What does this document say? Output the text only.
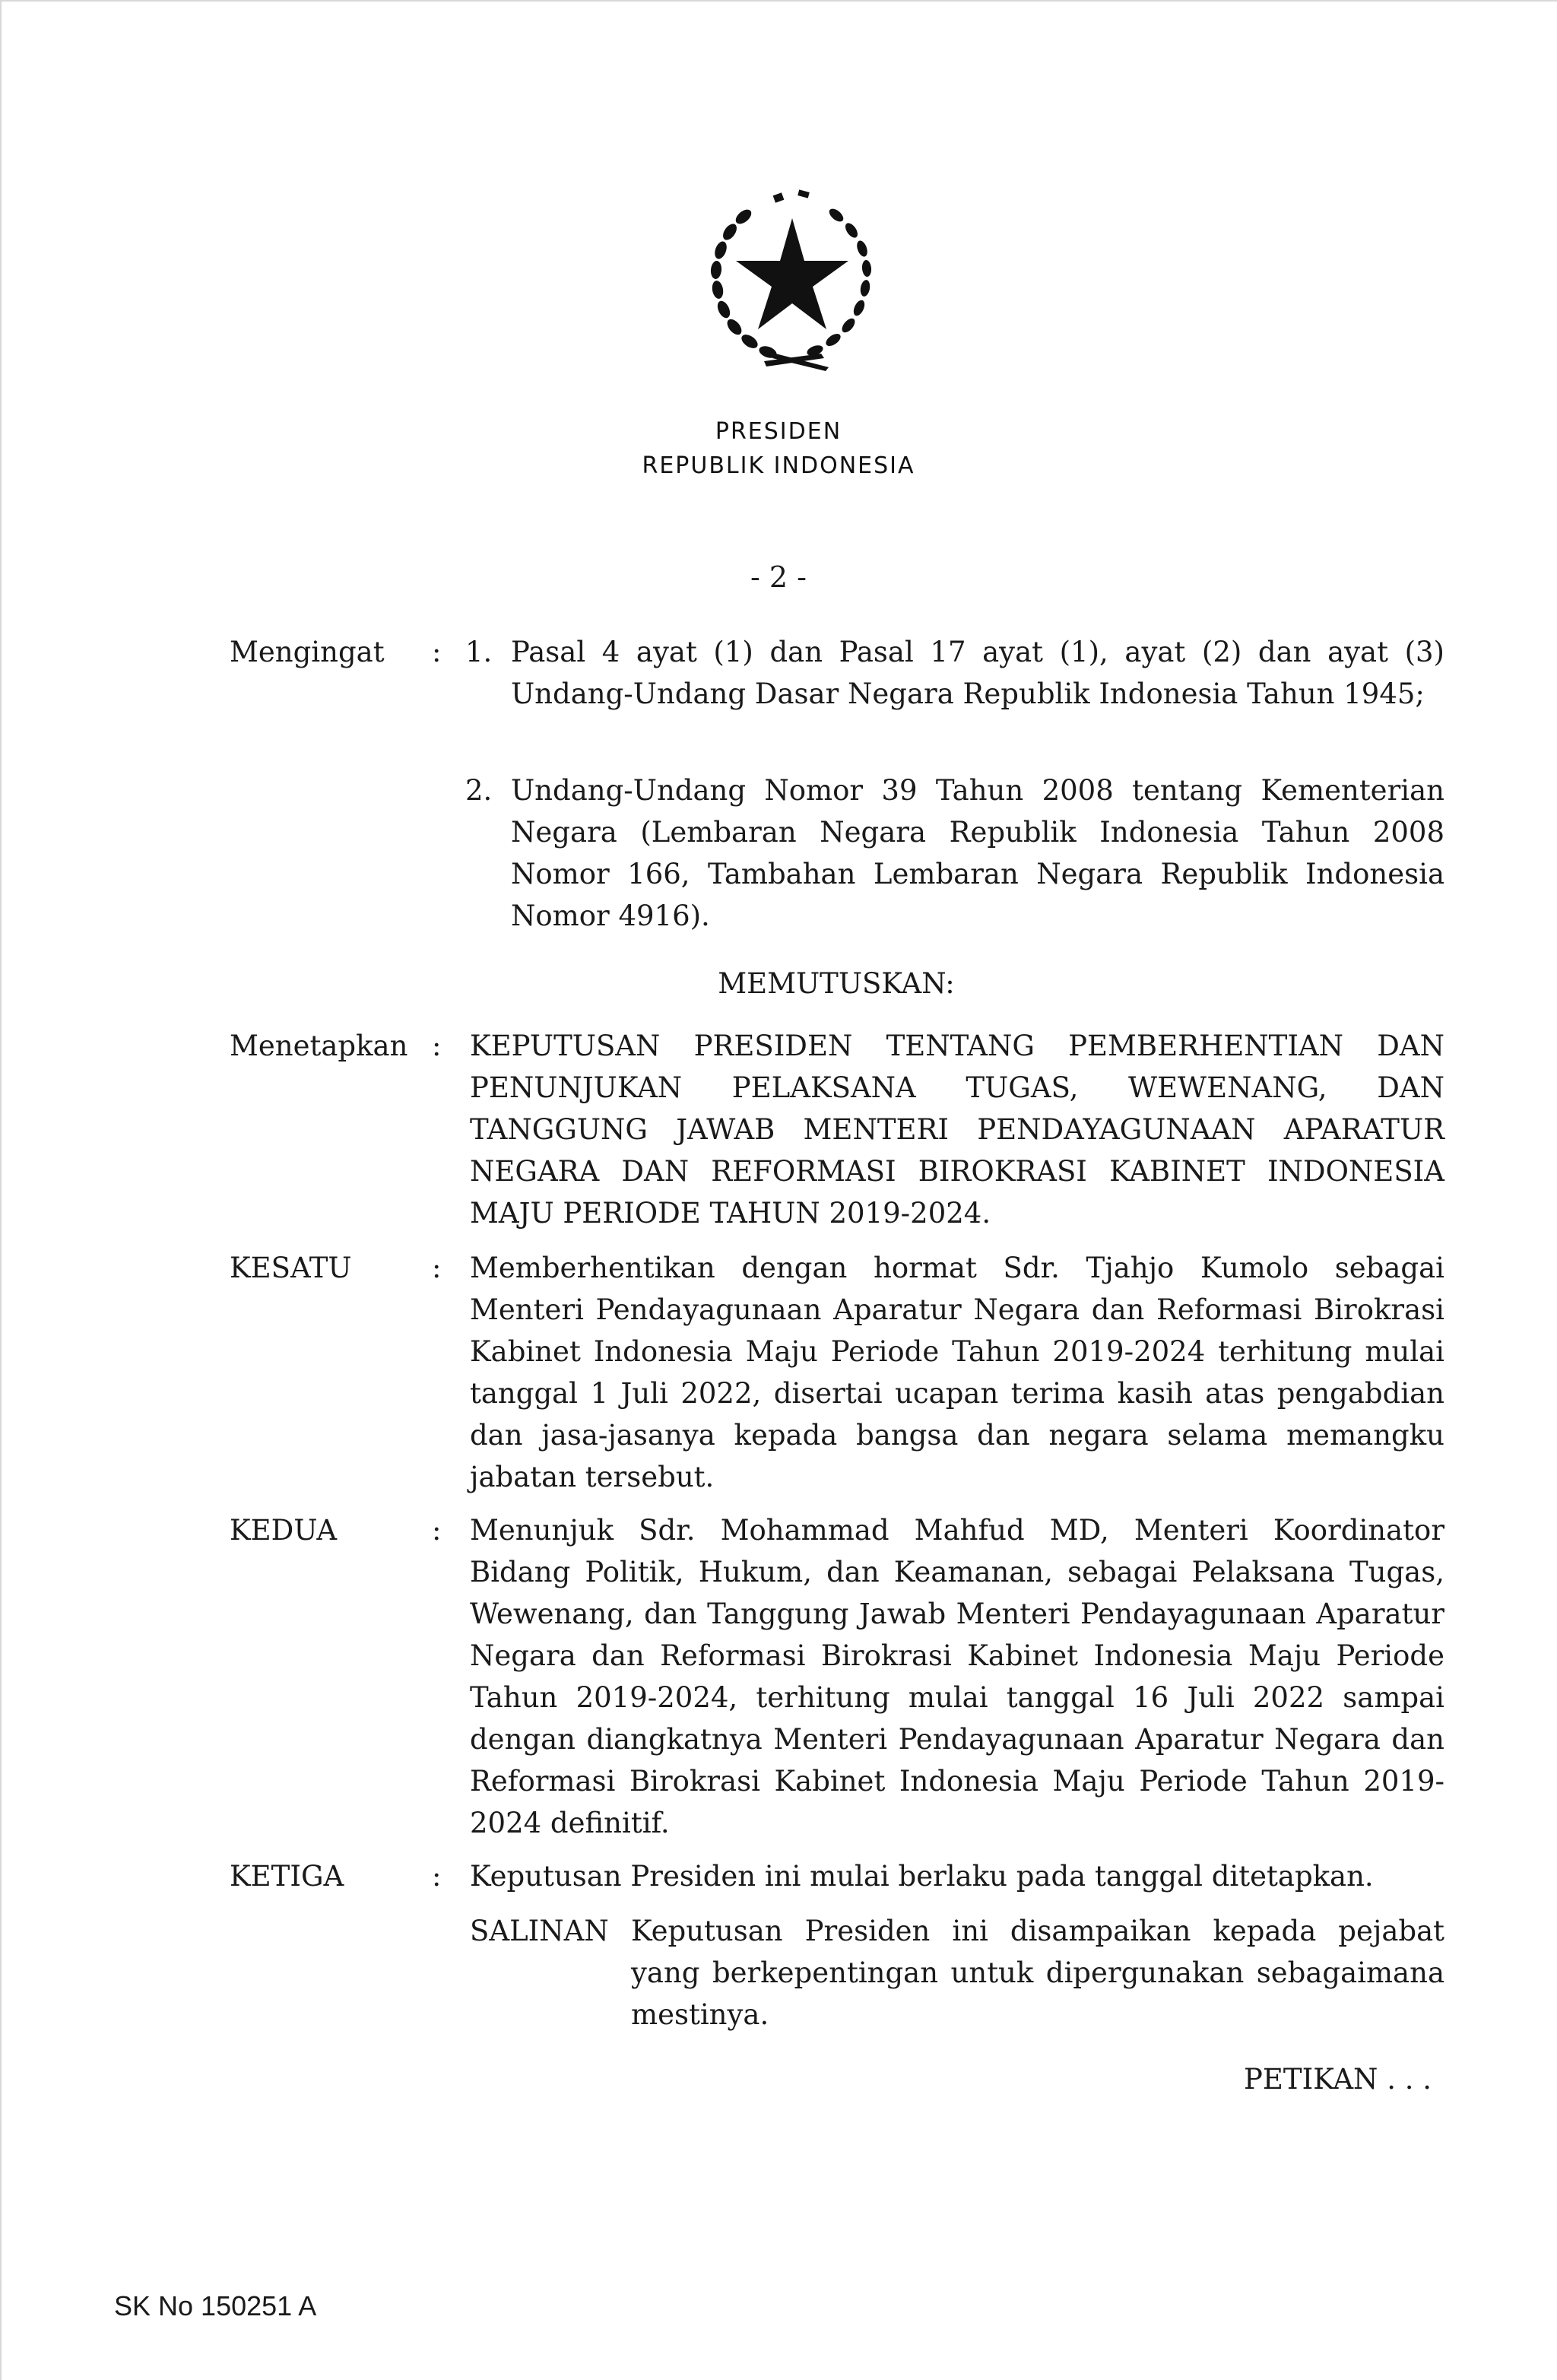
PRESIDEN
REPUBLIK INDONESIA
- 2 -
Mengingat : 1. Pasal 4 ayat (1) dan Pasal 17 ayat (1), ayat (2) dan ayat (3) Undang-Undang Dasar Negara Republik Indonesia Tahun 1945;
2. Undang-Undang Nomor 39 Tahun 2008 tentang Kementerian Negara (Lembaran Negara Republik Indonesia Tahun 2008 Nomor 166, Tambahan Lembaran Negara Republik Indonesia Nomor 4916).
MEMUTUSKAN:
Menetapkan : KEPUTUSAN PRESIDEN TENTANG PEMBERHENTIAN DAN PENUNJUKAN PELAKSANA TUGAS, WEWENANG, DAN TANGGUNG JAWAB MENTERI PENDAYAGUNAAN APARATUR NEGARA DAN REFORMASI BIROKRASI KABINET INDONESIA MAJU PERIODE TAHUN 2019-2024.
KESATU	: Memberhentikan dengan hormat Sdr. Tjahjo Kumolo sebagai Menteri Pendayagunaan Aparatur Negara dan Reformasi Birokrasi Kabinet Indonesia Maju Periode Tahun 2019-2024 terhitung mulai tanggal 1 Juli 2022, disertai ucapan terima kasih atas pengabdian dan jasa-jasanya kepada bangsa dan negara selama memangku jabatan tersebut.
KEDUA	: Menunjuk Sdr. Mohammad Mahfud MD, Menteri Koordinator Bidang Politik, Hukum, dan Keamanan, sebagai Pelaksana Tugas, Wewenang, dan Tanggung Jawab Menteri Pendayagunaan Aparatur Negara dan Reformasi Birokrasi Kabinet Indonesia Maju Periode Tahun 2019-2024, terhitung mulai tanggal 16 Juli 2022 sampai dengan diangkatnya Menteri Pendayagunaan Aparatur Negara dan Reformasi Birokrasi Kabinet Indonesia Maju Periode Tahun 2019-2024 definitif.
KETIGA	: Keputusan Presiden ini mulai berlaku pada tanggal ditetapkan.
SALINAN Keputusan Presiden ini disampaikan kepada pejabat yang berkepentingan untuk dipergunakan sebagaimana mestinya.
PETIKAN . . .
SK No 150251 A
